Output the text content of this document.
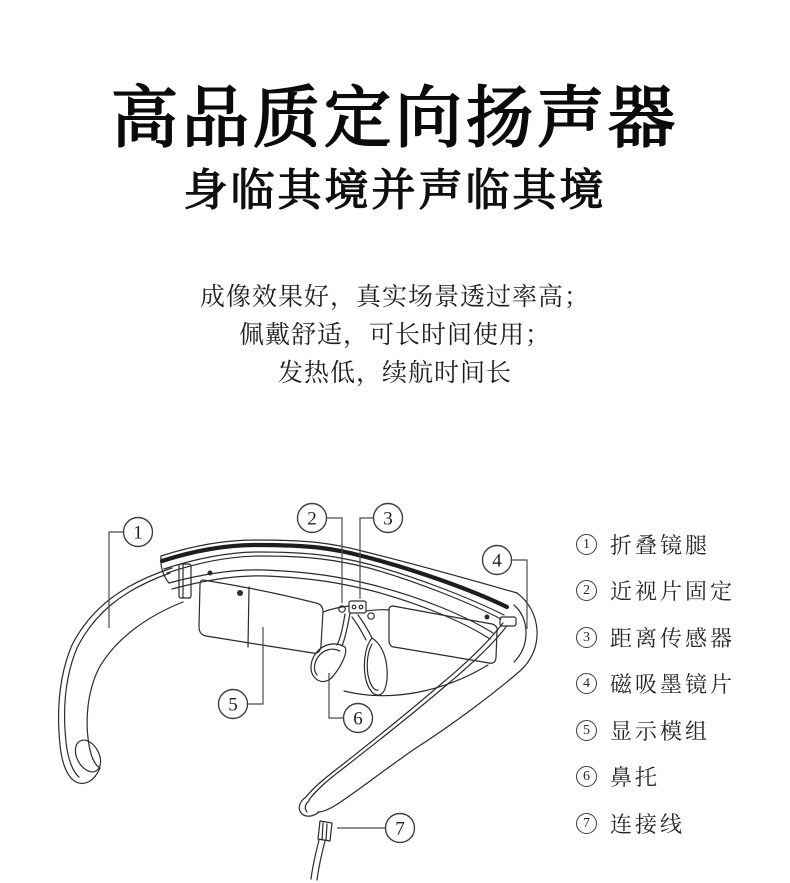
高品质定向扬声器
身临其境并声临其境
成像效果好，真实场景透过率高；
佩戴舒适，可长时间使用；
发热低，续航时间长
1
2	3
4
5
6
7
1 折叠镜腿
2 近视片固定
3 距离传感器
4 磁吸墨镜片
5 显示模组
6 鼻托
7 连接线
